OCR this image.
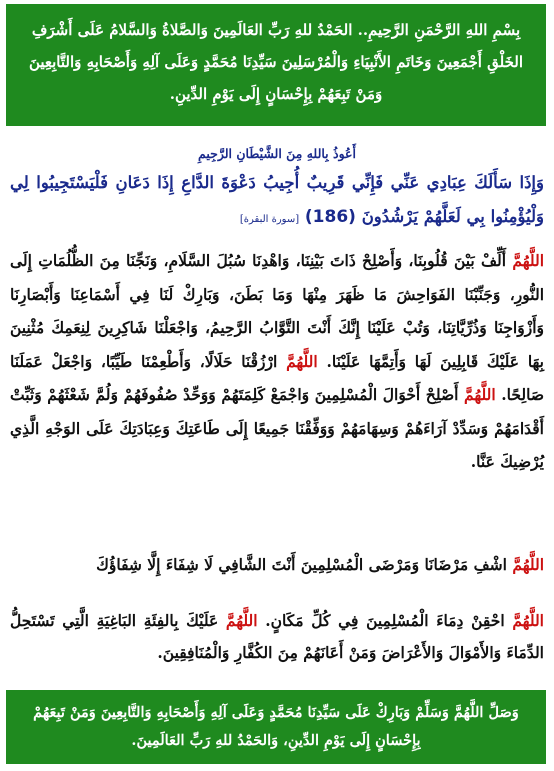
بِسْمِ اللهِ الرَّحْمَنِ الرَّحِيمِ.. الحَمْدُ للهِ رَبِّ العَالَمِينَ وَالصَّلاةُ وَالسَّلامُ عَلَى أَشْرَفِ الخَلْقِ أَجْمَعِينَ وَخَاتَمِ الأَنْبِيَاءِ وَالْمُرْسَلِينَ سَيِّدِنَا مُحَمَّدٍ وَعَلَى آلِهِ وَأَصْحَابِهِ وَالتَّابِعِينَ وَمَنْ تَبِعَهُمْ بِإِحْسَانٍ إِلَى يَوْمِ الدِّينِ.
أَعُوذُ بِاللهِ مِنَ الشَّيْطَانِ الرَّجِيمِ
وَإِذَا سَأَلَكَ عِبَادِي عَنِّي فَإِنِّي قَرِيبٌ أُجِيبُ دَعْوَةَ الدَّاعِ إِذَا دَعَانِ فَلْيَسْتَجِيبُوا لِي وَلْيُؤْمِنُوا بِي لَعَلَّهُمْ يَرْشُدُونَ (186) [سورة البقرة]
اللَّهُمَّ أَلِّفْ بَيْنَ قُلُوبِنَا، وَأَصْلِحْ ذَاتَ بَيْنِنَا، وَاهْدِنَا سُبُلَ السَّلَامِ، وَنَجِّنَا مِنَ الظُّلُمَاتِ إِلَى النُّورِ، وَجَنِّبْنَا الفَوَاحِشَ مَا ظَهَرَ مِنْهَا وَمَا بَطَنَ، وَبَارِكْ لَنَا فِي أَسْمَاعِنَا وَأَبْصَارِنَا وَأَزْوَاجِنَا وَذُرِّيَّاتِنَا، وَتُبْ عَلَيْنَا إِنَّكَ أَنْتَ التَّوَّابُ الرَّحِيمُ، وَاجْعَلْنَا شَاكِرِينَ لِنِعَمِكَ مُثْنِينَ بِهَا عَلَيْكَ قَابِلِينَ لَهَا وَأَتِمَّهَا عَلَيْنَا. اللَّهُمَّ ارْزُقْنَا حَلَالًا، وَأَطْعِمْنَا طَيِّبًا، وَاجْعَلْ عَمَلَنَا صَالِحًا. اللَّهُمَّ أَصْلِحْ أَحْوَالَ الْمُسْلِمِينَ وَاجْمَعْ كَلِمَتَهُمْ وَوَحِّدْ صُفُوفَهُمْ وَلُمَّ شَعْثَهُمْ وَثَبِّتْ أَقْدَامَهُمْ وَسَدِّدْ آرَاءَهُمْ وَسِهَامَهُمْ وَوَفِّقْنَا جَمِيعًا إِلَى طَاعَتِكَ وَعِبَادَتِكَ عَلَى الوَجْهِ الَّذِي يُرْضِيكَ عَنَّا.
اللَّهُمَّ اشْفِ مَرْضَانَا وَمَرْضَى الْمُسْلِمِينَ أَنْتَ الشَّافِي لَا شِفَاءَ إِلَّا شِفَاؤُكَ
اللَّهُمَّ احْقِنْ دِمَاءَ الْمُسْلِمِينَ فِي كُلِّ مَكَانٍ. اللَّهُمَّ عَلَيْكَ بِالفِئَةِ البَاغِيَةِ الَّتِي تَسْتَحِلُّ الدِّمَاءَ وَالأَمْوَالَ وَالأَعْرَاضَ وَمَنْ أَعَانَهُمْ مِنَ الكُفَّارِ وَالْمُنَافِقِينَ.
وَصَلِّ اللَّهُمَّ وَسَلِّمْ وَبَارِكْ عَلَى سَيِّدِنَا مُحَمَّدٍ وَعَلَى آلِهِ وَأَصْحَابِهِ وَالتَّابِعِينَ وَمَنْ تَبِعَهُمْ بِإِحْسَانٍ إِلَى يَوْمِ الدِّينِ، وَالحَمْدُ للهِ رَبِّ العَالَمِينَ.
